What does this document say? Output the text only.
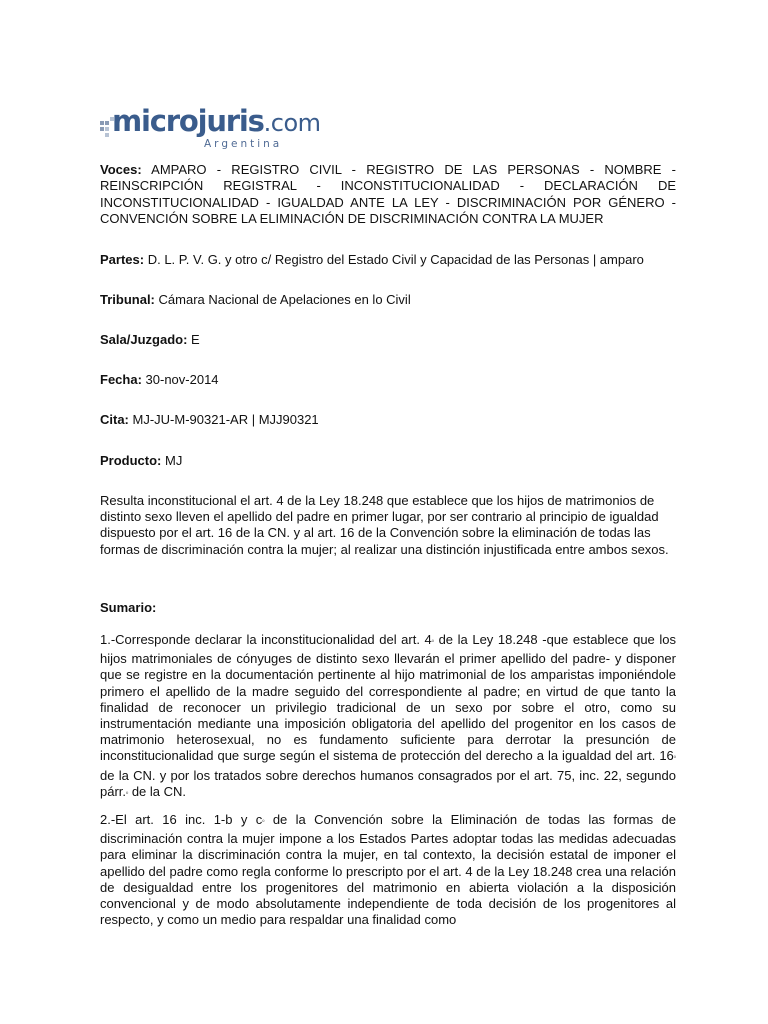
microjuris.com
Argentina
Voces: AMPARO - REGISTRO CIVIL - REGISTRO DE LAS PERSONAS - NOMBRE - REINSCRIPCIÓN REGISTRAL - INCONSTITUCIONALIDAD - DECLARACIÓN DE INCONSTITUCIONALIDAD - IGUALDAD ANTE LA LEY - DISCRIMINACIÓN POR GÉNERO - CONVENCIÓN SOBRE LA ELIMINACIÓN DE DISCRIMINACIÓN CONTRA LA MUJER
Partes: D. L. P. V. G. y otro c/ Registro del Estado Civil y Capacidad de las Personas | amparo
Tribunal: Cámara Nacional de Apelaciones en lo Civil
Sala/Juzgado: E
Fecha: 30-nov-2014
Cita: MJ-JU-M-90321-AR | MJJ90321
Producto: MJ
Resulta inconstitucional el art. 4 de la Ley 18.248 que establece que los hijos de matrimonios de distinto sexo lleven el apellido del padre en primer lugar, por ser contrario al principio de igualdad dispuesto por el art. 16 de la CN. y al art. 16 de la Convención sobre la eliminación de todas las formas de discriminación contra la mujer; al realizar una distinción injustificada entre ambos sexos.
Sumario:
1.-Corresponde declarar la inconstitucionalidad del art. 4º de la Ley 18.248 -que establece que los hijos matrimoniales de cónyuges de distinto sexo llevarán el primer apellido del padre- y disponer que se registre en la documentación pertinente al hijo matrimonial de los amparistas imponiéndole primero el apellido de la madre seguido del correspondiente al padre; en virtud de que tanto la finalidad de reconocer un privilegio tradicional de un sexo por sobre el otro, como su instrumentación mediante una imposición obligatoria del apellido del progenitor en los casos de matrimonio heterosexual, no es fundamento suficiente para derrotar la presunción de inconstitucionalidad que surge según el sistema de protección del derecho a la igualdad del art. 16º de la CN. y por los tratados sobre derechos humanos consagrados por el art. 75, inc. 22, segundo párr.º de la CN.
2.-El art. 16 inc. 1-b y cº de la Convención sobre la Eliminación de todas las formas de discriminación contra la mujer impone a los Estados Partes adoptar todas las medidas adecuadas para eliminar la discriminación contra la mujer, en tal contexto, la decisión estatal de imponer el apellido del padre como regla conforme lo prescripto por el art. 4 de la Ley 18.248 crea una relación de desigualdad entre los progenitores del matrimonio en abierta violación a la disposición convencional y de modo absolutamente independiente de toda decisión de los progenitores al respecto, y como un medio para respaldar una finalidad como
